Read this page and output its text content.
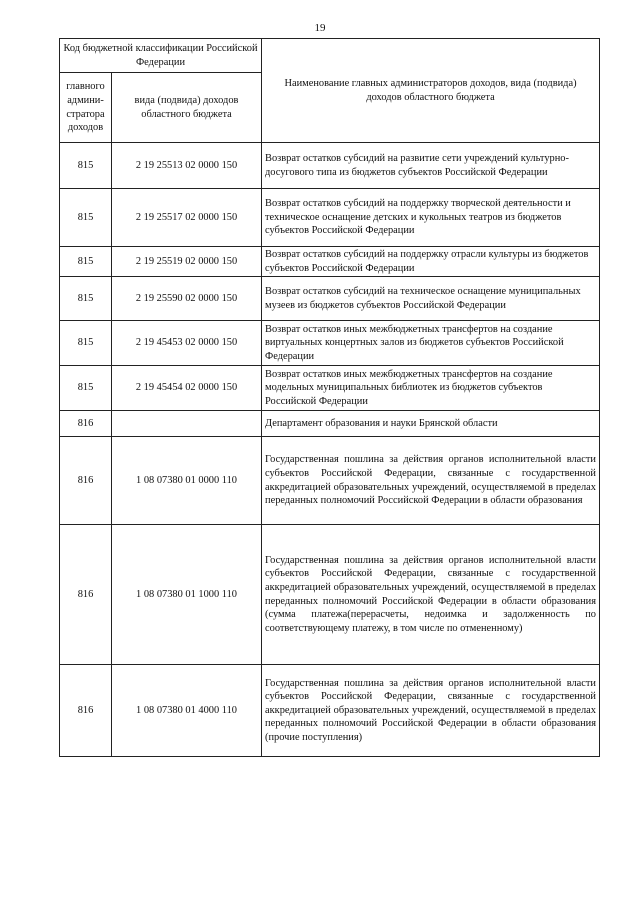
19
Код бюджетной классификации Российской Федерации		Наименование главных администраторов доходов, вида (подвида) доходов областного бюджета
главного админи- стратора доходов	вида (подвида) доходов областного бюджета	
815	2 19 25513 02 0000 150	Возврат остатков субсидий на развитие сети учреждений культурно-досугового типа из бюджетов субъектов Российской Федерации
815	2 19 25517 02 0000 150	Возврат остатков субсидий на поддержку творческой деятельности и техническое оснащение детских и кукольных театров из бюджетов субъектов Российской Федерации
815	2 19 25519 02 0000 150	Возврат остатков субсидий на поддержку отрасли культуры из бюджетов субъектов Российской Федерации
815	2 19 25590 02 0000 150	Возврат остатков субсидий на техническое оснащение муниципальных музеев из бюджетов субъектов Российской Федерации
815	2 19 45453 02 0000 150	Возврат остатков иных межбюджетных трансфертов на создание виртуальных концертных залов из бюджетов субъектов Российской Федерации
815	2 19 45454 02 0000 150	Возврат остатков иных межбюджетных трансфертов на создание модельных муниципальных библиотек из бюджетов субъектов Российской Федерации
816		Департамент образования и науки Брянской области
816	1 08 07380 01 0000 110	Государственная пошлина за действия органов исполнительной власти субъектов Российской Федерации, связанные с государственной аккредитацией образовательных учреждений, осуществляемой в пределах переданных полномочий Российской Федерации в области образования
816	1 08 07380 01 1000 110	Государственная пошлина за действия органов исполнительной власти субъектов Российской Федерации, связанные с государственной аккредитацией образовательных учреждений, осуществляемой в пределах переданных полномочий Российской Федерации в области образования (сумма платежа(перерасчеты, недоимка и задолженность по соответствующему платежу, в том числе по отмененному)
816	1 08 07380 01 4000 110	Государственная пошлина за действия органов исполнительной власти субъектов Российской Федерации, связанные с государственной аккредитацией образовательных учреждений, осуществляемой в пределах переданных полномочий Российской Федерации в области образования (прочие поступления)
